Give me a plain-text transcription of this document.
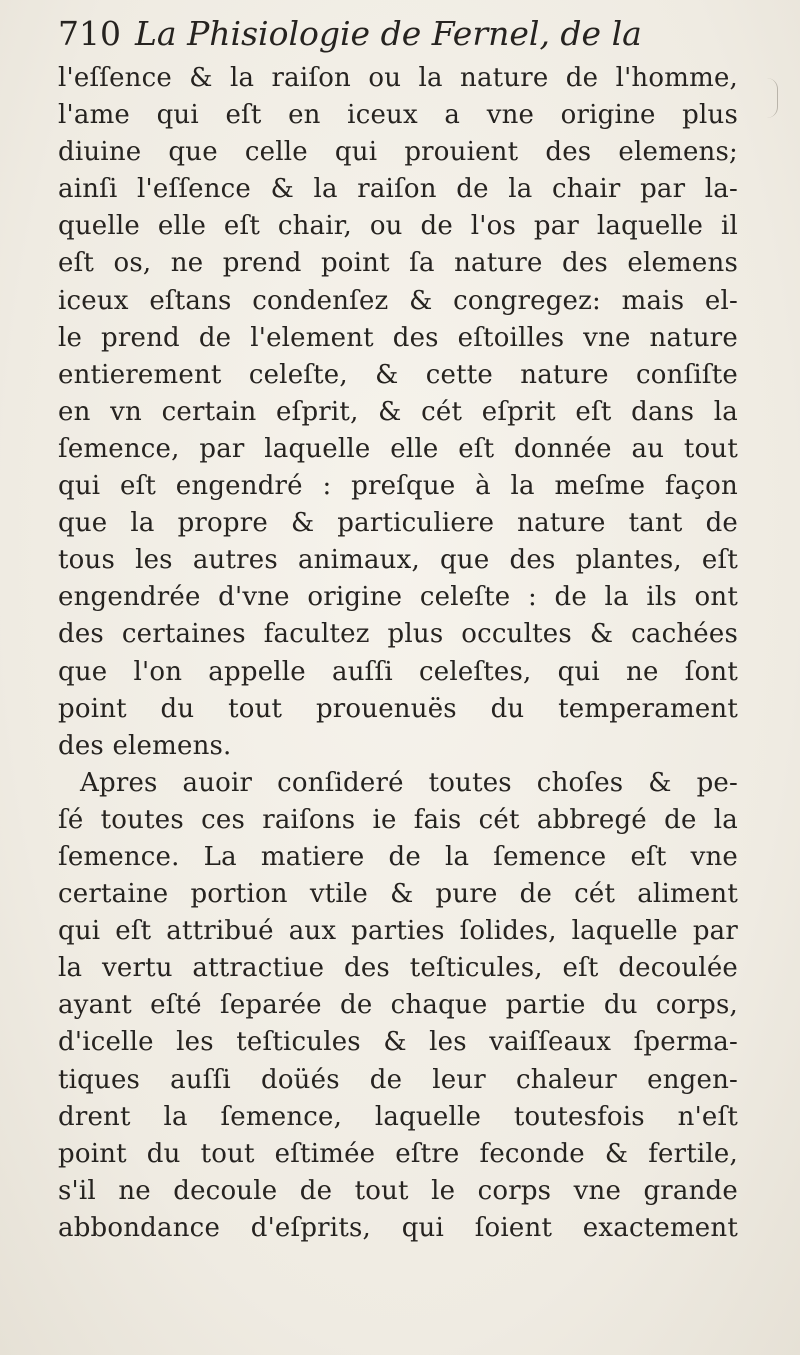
710 La Phisiologie de Fernel, de la
l'eſſence & la raiſon ou la nature de l'homme,
l'ame qui eſt en iceux a vne origine plus
diuine que celle qui prouient des elemens;
ainſi l'eſſence & la raiſon de la chair par la-
quelle elle eſt chair, ou de l'os par laquelle il
eſt os, ne prend point ſa nature des elemens
iceux eſtans condenſez & congregez: mais el-
le prend de l'element des eſtoilles vne nature
entierement celeſte, & cette nature conſiſte
en vn certain eſprit, & cét eſprit eſt dans la
ſemence, par laquelle elle eſt donnée au tout
qui eſt engendré : preſque à la meſme façon
que la propre & particuliere nature tant de
tous les autres animaux, que des plantes, eſt
engendrée d'vne origine celeſte : de la ils ont
des certaines facultez plus occultes & cachées
que l'on appelle auſſi celeſtes, qui ne ſont
point du tout prouenuës du temperament
des elemens.
Apres auoir conſideré toutes choſes & pe-
ſé toutes ces raiſons ie fais cét abbregé de la
ſemence. La matiere de la ſemence eſt vne
certaine portion vtile & pure de cét aliment
qui eſt attribué aux parties ſolides, laquelle par
la vertu attractiue des teſticules, eſt decoulée
ayant eſté ſeparée de chaque partie du corps,
d'icelle les teſticules & les vaiſſeaux ſperma-
tiques auſſi doüés de leur chaleur engen-
drent la ſemence, laquelle toutesfois n'eſt
point du tout eſtimée eſtre feconde & fertile,
s'il ne decoule de tout le corps vne grande
abbondance d'eſprits, qui ſoient exactement
